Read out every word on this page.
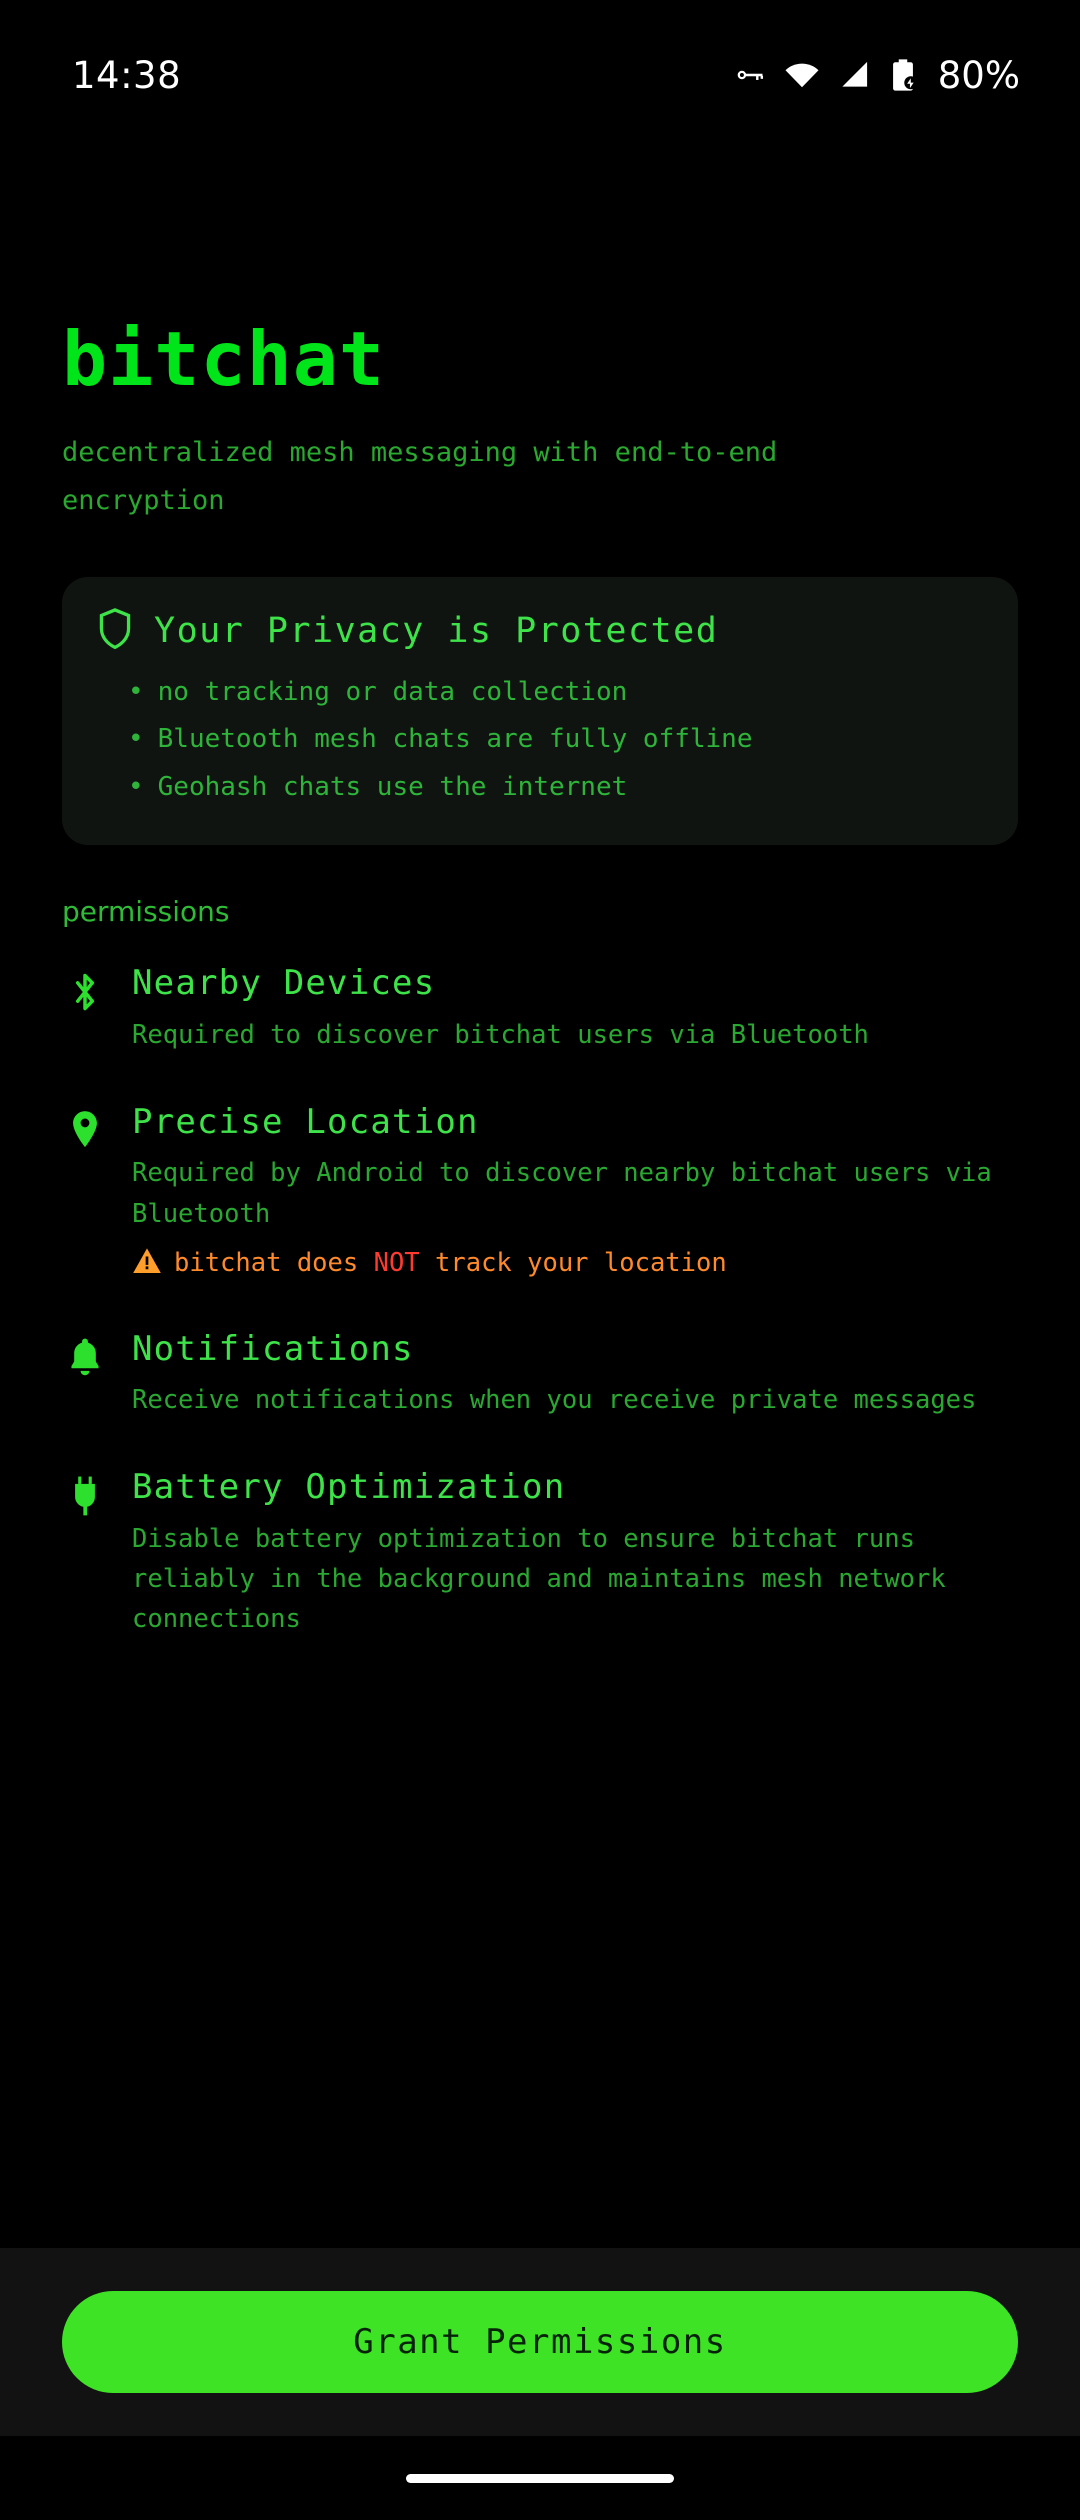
14:38	80%
bitchat
decentralized mesh messaging with end-to-end encryption
Your Privacy is Protected
• no tracking or data collection
• Bluetooth mesh chats are fully offline
• Geohash chats use the internet
permissions
Nearby Devices
Required to discover bitchat users via Bluetooth
Precise Location
Required by Android to discover nearby bitchat users via Bluetooth
bitchat does NOT track your location
Notifications
Receive notifications when you receive private messages
Battery Optimization
Disable battery optimization to ensure bitchat runs reliably in the background and maintains mesh network connections
Grant Permissions
